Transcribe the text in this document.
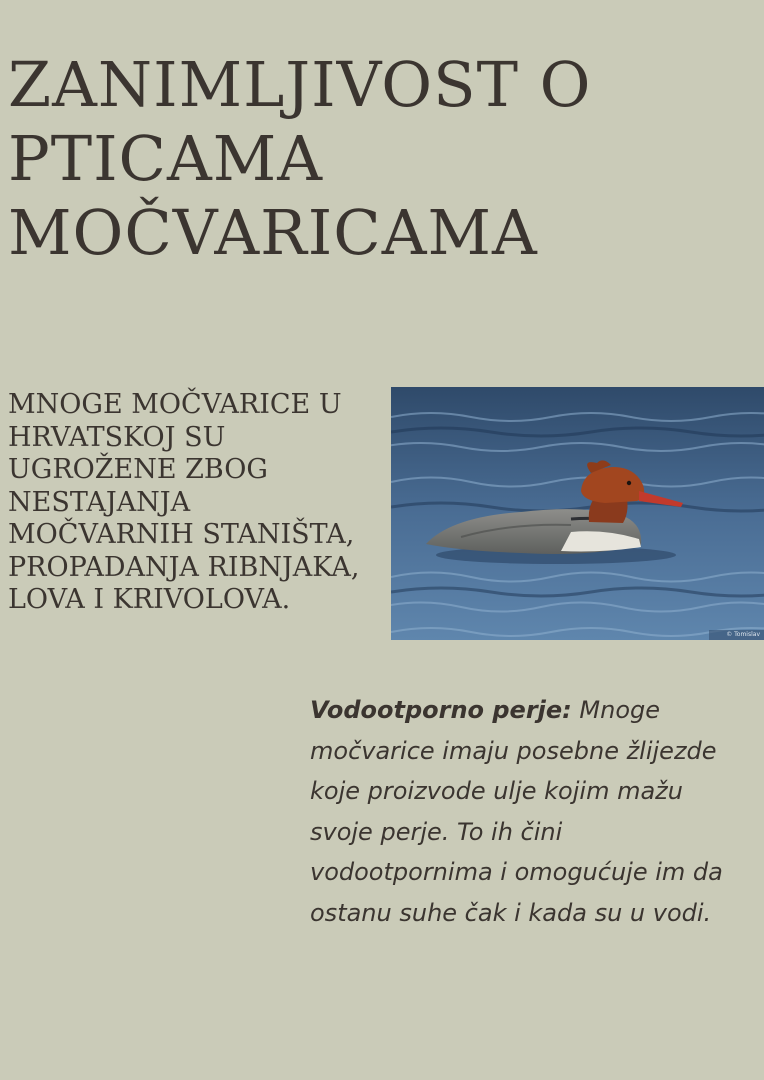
ZANIMLJIVOST O PTICAMA MOČVARICAMA

MNOGE MOČVARICE U HRVATSKOJ SU UGROŽENE ZBOG NESTAJANJA MOČVARNIH STANIŠTA, PROPADANJA RIBNJAKA, LOVA I KRIVOLOVA.

© Tomislav

Vodootporno perje: Mnoge močvarice imaju posebne žlijezde koje proizvode ulje kojim mažu svoje perje. To ih čini vodootpornima i omogućuje im da ostanu suhe čak i kada su u vodi.
